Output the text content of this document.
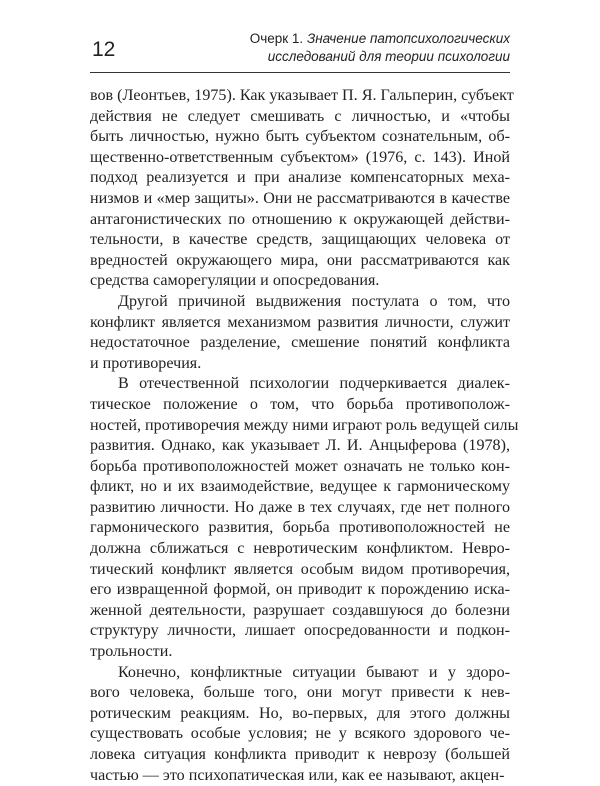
12	Очерк 1. Значение патопсихологических
исследований для теории психологии
вов (Леонтьев, 1975). Как указывает П. Я. Гальперин, субъект
действия не следует смешивать с личностью, и «чтобы
быть личностью, нужно быть субъектом сознательным, об-
щественно-ответственным субъектом» (1976, с. 143). Иной
подход реализуется и при анализе компенсаторных меха-
низмов и «мер защиты». Они не рассматриваются в качестве
антагонистических по отношению к окружающей действи-
тельности, в качестве средств, защищающих человека от
вредностей окружающего мира, они рассматриваются как
средства саморегуляции и опосредования.
Другой причиной выдвижения постулата о том, что
конфликт является механизмом развития личности, служит
недостаточное разделение, смешение понятий конфликта
и противоречия.
В отечественной психологии подчеркивается диалек-
тическое положение о том, что борьба противополож-
ностей, противоречия между ними играют роль ведущей силы
развития. Однако, как указывает Л. И. Анцыферова (1978),
борьба противоположностей может означать не только кон-
фликт, но и их взаимодействие, ведущее к гармоническому
развитию личности. Но даже в тех случаях, где нет полного
гармонического развития, борьба противоположностей не
должна сближаться с невротическим конфликтом. Невро-
тический конфликт является особым видом противоречия,
его извращенной формой, он приводит к порождению иска-
женной деятельности, разрушает создавшуюся до болезни
структуру личности, лишает опосредованности и подкон-
трольности.
Конечно, конфликтные ситуации бывают и у здоро-
вого человека, больше того, они могут привести к нев-
ротическим реакциям. Но, во-первых, для этого должны
существовать особые условия; не у всякого здорового че-
ловека ситуация конфликта приводит к неврозу (большей
частью — это психопатическая или, как ее называют, акцен-
